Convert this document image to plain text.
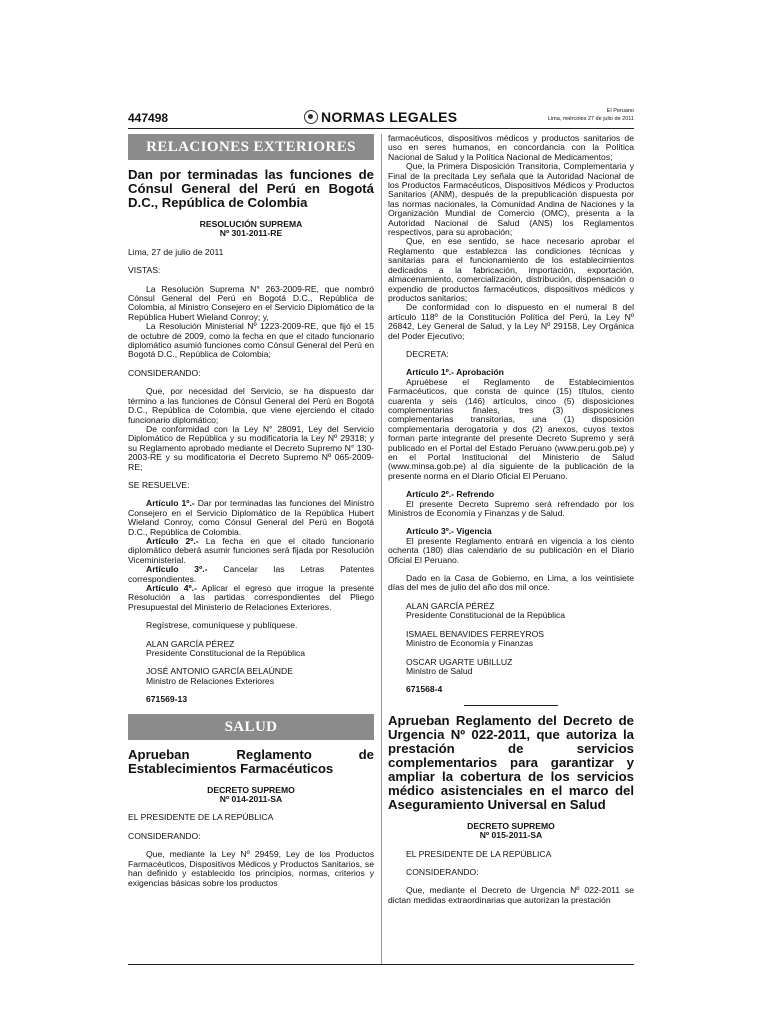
447498	NORMAS LEGALES	El Peruano
Lima, miércoles 27 de julio de 2011
RELACIONES EXTERIORES
Dan por terminadas las funciones de Cónsul General del Perú en Bogotá D.C., República de Colombia
RESOLUCIÓN SUPREMA
Nº 301-2011-RE

Lima, 27 de julio de 2011

VISTAS:

La Resolución Suprema N° 263-2009-RE, que nombró Cónsul General del Perú en Bogotá D.C., República de Colombia, al Ministro Consejero en el Servicio Diplomático de la República Hubert Wieland Conroy; y,

La Resolución Ministerial Nº 1223-2009-RE, que fijó el 15 de octubre de 2009, como la fecha en que el citado funcionario diplomático asumió funciones como Cónsul General del Perú en Bogotá D.C., República de Colombia;

CONSIDERANDO:

Que, por necesidad del Servicio, se ha dispuesto dar término a las funciones de Cónsul General del Perú en Bogotá D.C., República de Colombia, que viene ejerciendo el citado funcionario diplomático;

De conformidad con la Ley N° 28091, Ley del Servicio Diplomático de República y su modificatoria la Ley Nº 29318; y su Reglamento aprobado mediante el Decreto Supremo N° 130-2003-RE y su modificatoria el Decreto Supremo Nº 065-2009-RE;

SE RESUELVE:

Artículo 1º.- Dar por terminadas las funciones del Ministro Consejero en el Servicio Diplomático de la República Hubert Wieland Conroy, como Cónsul General del Perú en Bogotá D.C., República de Colombia.

Artículo 2º.- La fecha en que el citado funcionario diplomático deberá asumir funciones será fijada por Resolución Viceministerial.

Artículo 3º.- Cancelar las Letras Patentes correspondientes.

Artículo 4º.- Aplicar el egreso que irrogue la presente Resolución a las partidas correspondientes del Pliego Presupuestal del Ministerio de Relaciones Exteriores.

Regístrese, comuníquese y publíquese.

ALAN GARCÍA PÉREZ

Presidente Constitucional de la República

JOSÉ ANTONIO GARCÍA BELAÚNDE

Ministro de Relaciones Exteriores

671569-13

SALUD
Aprueban Reglamento de Establecimientos Farmacéuticos
DECRETO SUPREMO
Nº 014-2011-SA

EL PRESIDENTE DE LA REPÚBLICA

CONSIDERANDO:

Que, mediante la Ley Nº 29459, Ley de los Productos Farmacéuticos, Dispositivos Médicos y Productos Sanitarios, se han definido y establecido los principios, normas, criterios y exigencias básicas sobre los productos

farmacéuticos, dispositivos médicos y productos sanitarios de uso en seres humanos, en concordancia con la Política Nacional de Salud y la Política Nacional de Medicamentos;

Que, la Primera Disposición Transitoria, Complementaria y Final de la precitada Ley señala que la Autoridad Nacional de los Productos Farmacéuticos, Dispositivos Médicos y Productos Sanitarios (ANM), después de la prepublicación dispuesta por las normas nacionales, la Comunidad Andina de Naciones y la Organización Mundial de Comercio (OMC), presenta a la Autoridad Nacional de Salud (ANS) los Reglamentos respectivos, para su aprobación;

Que, en ese sentido, se hace necesario aprobar el Reglamento que establezca las condiciones técnicas y sanitarias para el funcionamiento de los establecimientos dedicados a la fabricación, importación, exportación, almacenamiento, comercialización, distribución, dispensación o expendio de productos farmacéuticos, dispositivos médicos y productos sanitarios;

De conformidad con lo dispuesto en el numeral 8 del artículo 118º de la Constitución Política del Perú, la Ley Nº 26842, Ley General de Salud, y la Ley Nº 29158, Ley Orgánica del Poder Ejecutivo;

DECRETA:

Artículo 1º.- Aprobación

Apruébese el Reglamento de Establecimientos Farmacéuticos, que consta de quince (15) títulos, ciento cuarenta y seis (146) artículos, cinco (5) disposiciones complementarias finales, tres (3) disposiciones complementarias transitorias, una (1) disposición complementaria derogatoria y dos (2) anexos, cuyos textos forman parte integrante del presente Decreto Supremo y será publicado en el Portal del Estado Peruano (www.peru.gob.pe) y en el Portal Institucional del Ministerio de Salud (www.minsa.gob.pe) al día siguiente de la publicación de la presente norma en el Diario Oficial El Peruano.

Artículo 2º.- Refrendo

El presente Decreto Supremo será refrendado por los Ministros de Economía y Finanzas y de Salud.

Artículo 3º.- Vigencia

El presente Reglamento entrará en vigencia a los ciento ochenta (180) días calendario de su publicación en el Diario Oficial El Peruano.

Dado en la Casa de Gobierno, en Lima, a los veintisiete días del mes de julio del año dos mil once.

ALAN GARCÍA PÉREZ

Presidente Constitucional de la República

ISMAEL BENAVIDES FERREYROS

Ministro de Economía y Finanzas

OSCAR UGARTE UBILLUZ

Ministro de Salud

671568-4

Aprueban Reglamento del Decreto de Urgencia Nº 022-2011, que autoriza la prestación de servicios complementarios para garantizar y ampliar la cobertura de los servicios médico asistenciales en el marco del Aseguramiento Universal en Salud
DECRETO SUPREMO
Nº 015-2011-SA

EL PRESIDENTE DE LA REPÚBLICA

CONSIDERANDO:

Que, mediante el Decreto de Urgencia Nº 022-2011 se dictan medidas extraordinarias que autorizan la prestación
